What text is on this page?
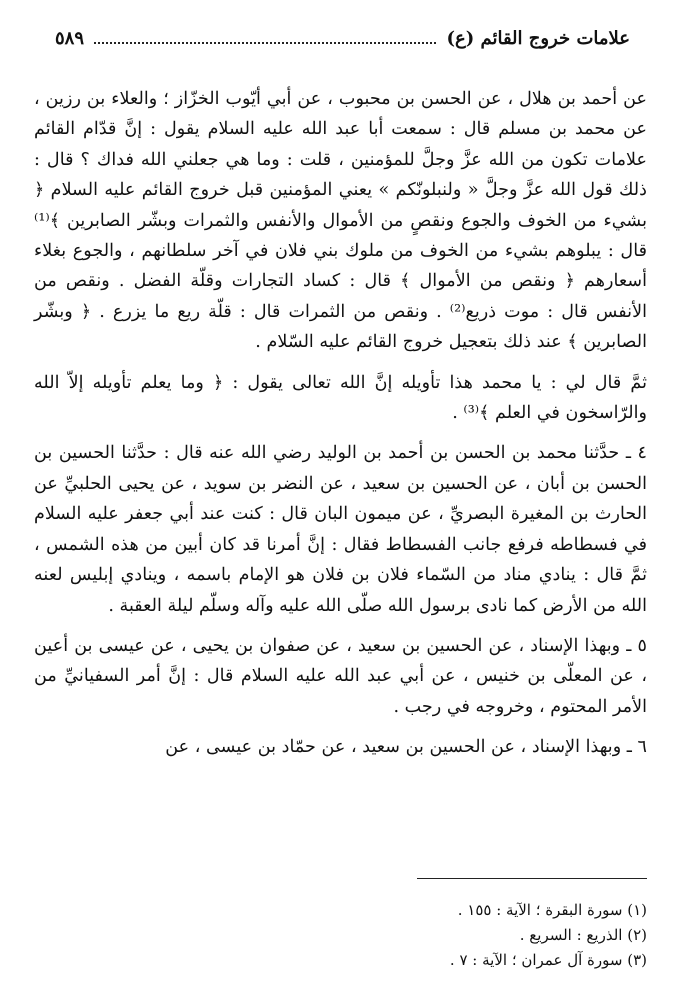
علامات خروج القائم (ع)
٥٨٩

عن أحمد بن هلال ، عن الحسن بن محبوب ، عن أبي أيّوب الخزّاز ؛ والعلاء بن رزين ، عن محمد بن مسلم قال : سمعت أبا عبد الله عليه السلام يقول : إنَّ قدّام القائم علامات تكون من الله عزَّ وجلَّ للمؤمنين ، قلت : وما هي جعلني الله فداك ؟ قال : ذلك قول الله عزَّ وجلَّ « ولنبلونّكم » يعني المؤمنين قبل خروج القائم عليه السلام ﴿ بشيء من الخوف والجوع ونقصٍ من الأموال والأنفس والثمرات وبشّر الصابرين ﴾⁽¹⁾ قال : يبلوهم بشيء من الخوف من ملوك بني فلان في آخر سلطانهم ، والجوع بغلاء أسعارهم ﴿ ونقص من الأموال ﴾ قال : كساد التجارات وقلّة الفضل . ونقص من الأنفس قال : موت ذريع⁽²⁾ . ونقص من الثمرات قال : قلّة ريع ما يزرع . ﴿ وبشّر الصابرين ﴾ عند ذلك بتعجيل خروج القائم عليه السّلام .

ثمَّ قال لي : يا محمد هذا تأويله إنَّ الله تعالى يقول : ﴿ وما يعلم تأويله إلاّ الله والرّاسخون في العلم ﴾⁽³⁾ .

٤ ـ حدَّثنا محمد بن الحسن بن أحمد بن الوليد رضي الله عنه قال : حدَّثنا الحسين بن الحسن بن أبان ، عن الحسين بن سعيد ، عن النضر بن سويد ، عن يحيى الحلبيِّ عن الحارث بن المغيرة البصريِّ ، عن ميمون البان قال : كنت عند أبي جعفر عليه السلام في فسطاطه فرفع جانب الفسطاط فقال : إنَّ أمرنا قد كان أبين من هذه الشمس ، ثمَّ قال : ينادي مناد من السّماء فلان بن فلان هو الإمام باسمه ، وينادي إبليس لعنه الله من الأرض كما نادى برسول الله صلّى الله عليه وآله وسلّم ليلة العقبة .

٥ ـ وبهذا الإسناد ، عن الحسين بن سعيد ، عن صفوان بن يحيى ، عن عيسى بن أعين ، عن المعلّى بن خنيس ، عن أبي عبد الله عليه السلام قال : إنَّ أمر السفيانيِّ من الأمر المحتوم ، وخروجه في رجب .

٦ ـ وبهذا الإسناد ، عن الحسين بن سعيد ، عن حمّاد بن عيسى ، عن

(١) سورة البقرة ؛ الآية : ١٥٥ .
(٢) الذريع : السريع .
(٣) سورة آل عمران ؛ الآية : ٧ .
